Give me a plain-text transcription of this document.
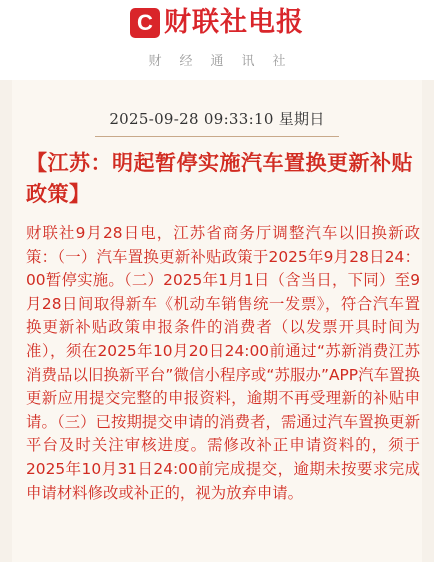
C 财联社电报
财经通讯社
2025-09-28 09:33:10 星期日
【江苏：明起暂停实施汽车置换更新补贴政策】

财联社9月28日电，江苏省商务厅调整汽车以旧换新政策：（一）汽车置换更新补贴政策于2025年9月28日24：00暂停实施。（二）2025年1月1日（含当日，下同）至9月28日间取得新车《机动车销售统一发票》，符合汽车置换更新补贴政策申报条件的消费者（以发票开具时间为准），须在2025年10月20日24:00前通过“苏新消费江苏消费品以旧换新平台”微信小程序或“苏服办”APP汽车置换更新应用提交完整的申报资料，逾期不再受理新的补贴申请。（三）已按期提交申请的消费者，需通过汽车置换更新平台及时关注审核进度。需修改补正申请资料的，须于2025年10月31日24:00前完成提交，逾期未按要求完成申请材料修改或补正的，视为放弃申请。
